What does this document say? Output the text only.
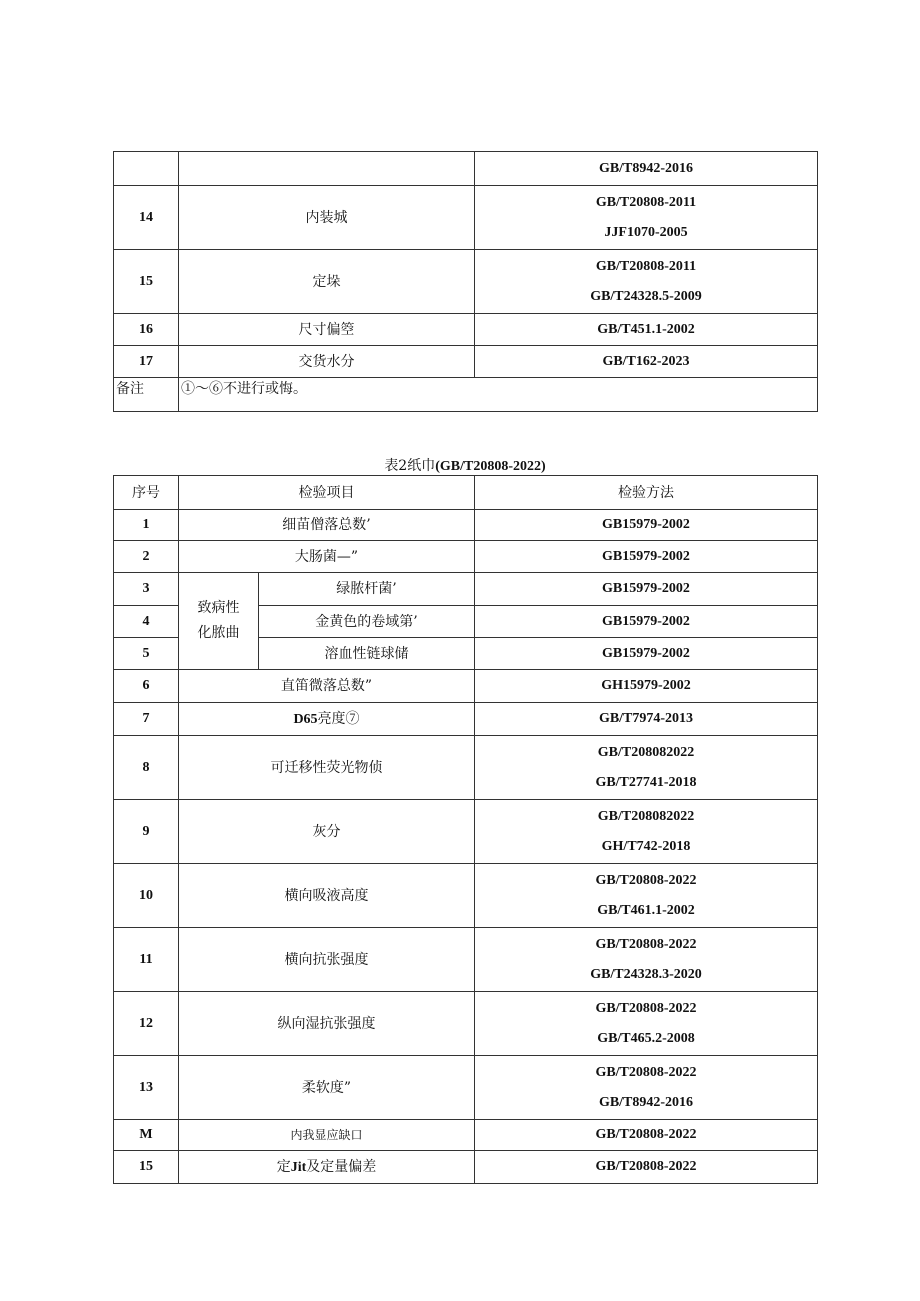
		GB/T8942-2016

14	内装城	GB/T20808-2011
JJF1070-2005

15	定垛	GB/T20808-2011
GB/T24328.5-2009

16	尺寸偏箜	GB/T451.1-2002

17	交货水分	GB/T162-2023

备注	①～⑥不进行或悔。	
表2纸巾(GB/T20808-2022)
序号	检验项目		检验方法
1	细苗僧落总数’		GB15979-2002

2	大肠菌—”		GB15979-2002

3	致病性
化脓曲	绿脓杆菌’	GB15979-2002

4		金黄色的卷域第’	GB15979-2002

5		溶血性链球储	GB15979-2002

6	直笛微落总数”		GH15979-2002

7	D65亮度⑦		GB/T7974-2013

8	可迁移性荧光物侦		GB/T208082022
GB/T27741-2018

9	灰分		GB/T208082022
GH/T742-2018

10	横向吸液高度		GB/T20808-2022
GB/T461.1-2002

11	横向抗张强度		GB/T20808-2022
GB/T24328.3-2020

12	纵向湿抗张强度		GB/T20808-2022
GB/T465.2-2008

13	柔软度”		GB/T20808-2022
GB/T8942-2016

M	内我显应缺口		GB/T20808-2022

15	定Jit及定量偏差		GB/T20808-2022
